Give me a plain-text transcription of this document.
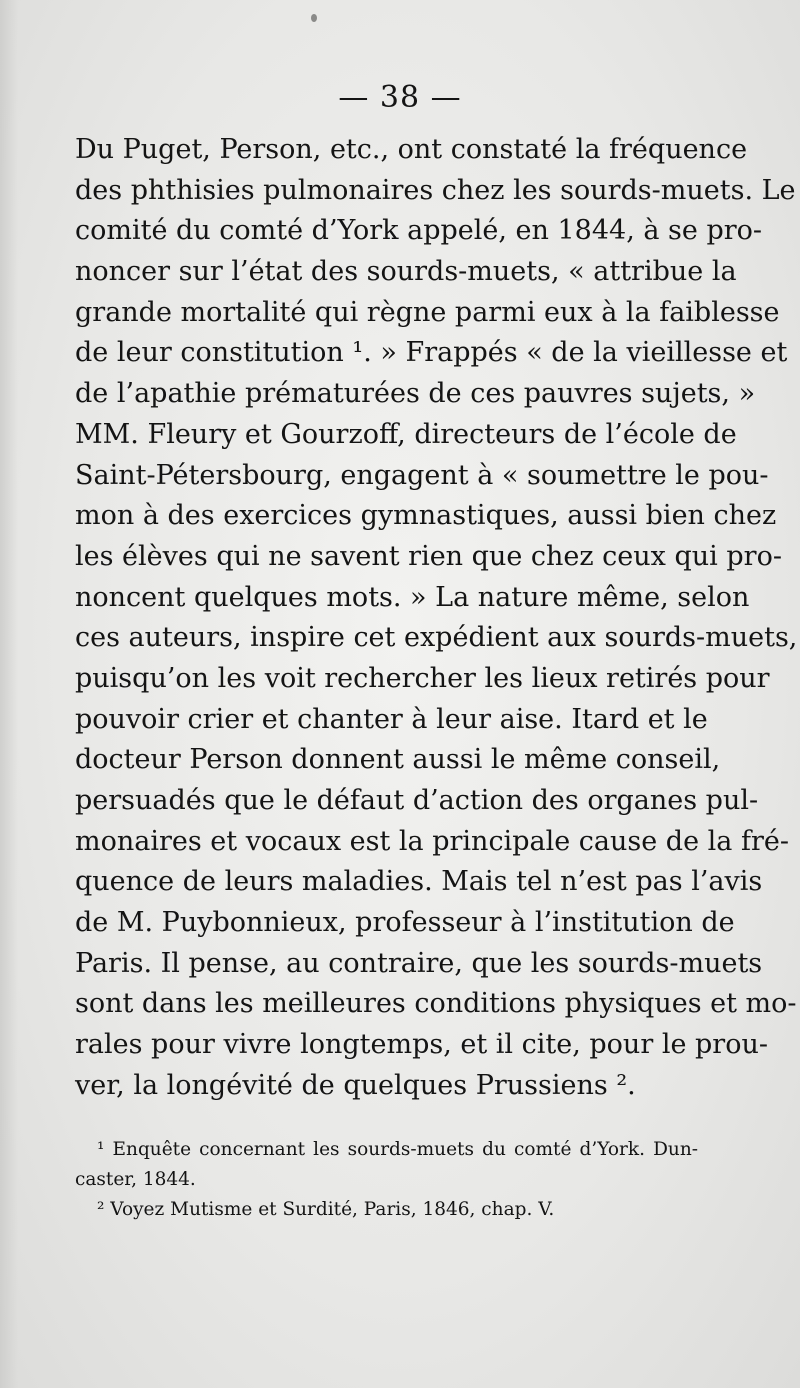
— 38 —
Du Puget, Person, etc., ont constaté la fréquence
des phthisies pulmonaires chez les sourds-muets. Le
comité du comté d’York appelé, en 1844, à se pro-
noncer sur l’état des sourds-muets, « attribue la
grande mortalité qui règne parmi eux à la faiblesse
de leur constitution ¹. » Frappés « de la vieillesse et
de l’apathie prématurées de ces pauvres sujets, »
MM. Fleury et Gourzoff, directeurs de l’école de
Saint-Pétersbourg, engagent à « soumettre le pou-
mon à des exercices gymnastiques, aussi bien chez
les élèves qui ne savent rien que chez ceux qui pro-
noncent quelques mots. » La nature même, selon
ces auteurs, inspire cet expédient aux sourds-muets,
puisqu’on les voit rechercher les lieux retirés pour
pouvoir crier et chanter à leur aise. Itard et le
docteur Person donnent aussi le même conseil,
persuadés que le défaut d’action des organes pul-
monaires et vocaux est la principale cause de la fré-
quence de leurs maladies. Mais tel n’est pas l’avis
de M. Puybonnieux, professeur à l’institution de
Paris. Il pense, au contraire, que les sourds-muets
sont dans les meilleures conditions physiques et mo-
rales pour vivre longtemps, et il cite, pour le prou-
ver, la longévité de quelques Prussiens ².
¹ Enquête concernant les sourds-muets du comté d’York. Dun-
caster, 1844.
² Voyez Mutisme et Surdité, Paris, 1846, chap. V.
